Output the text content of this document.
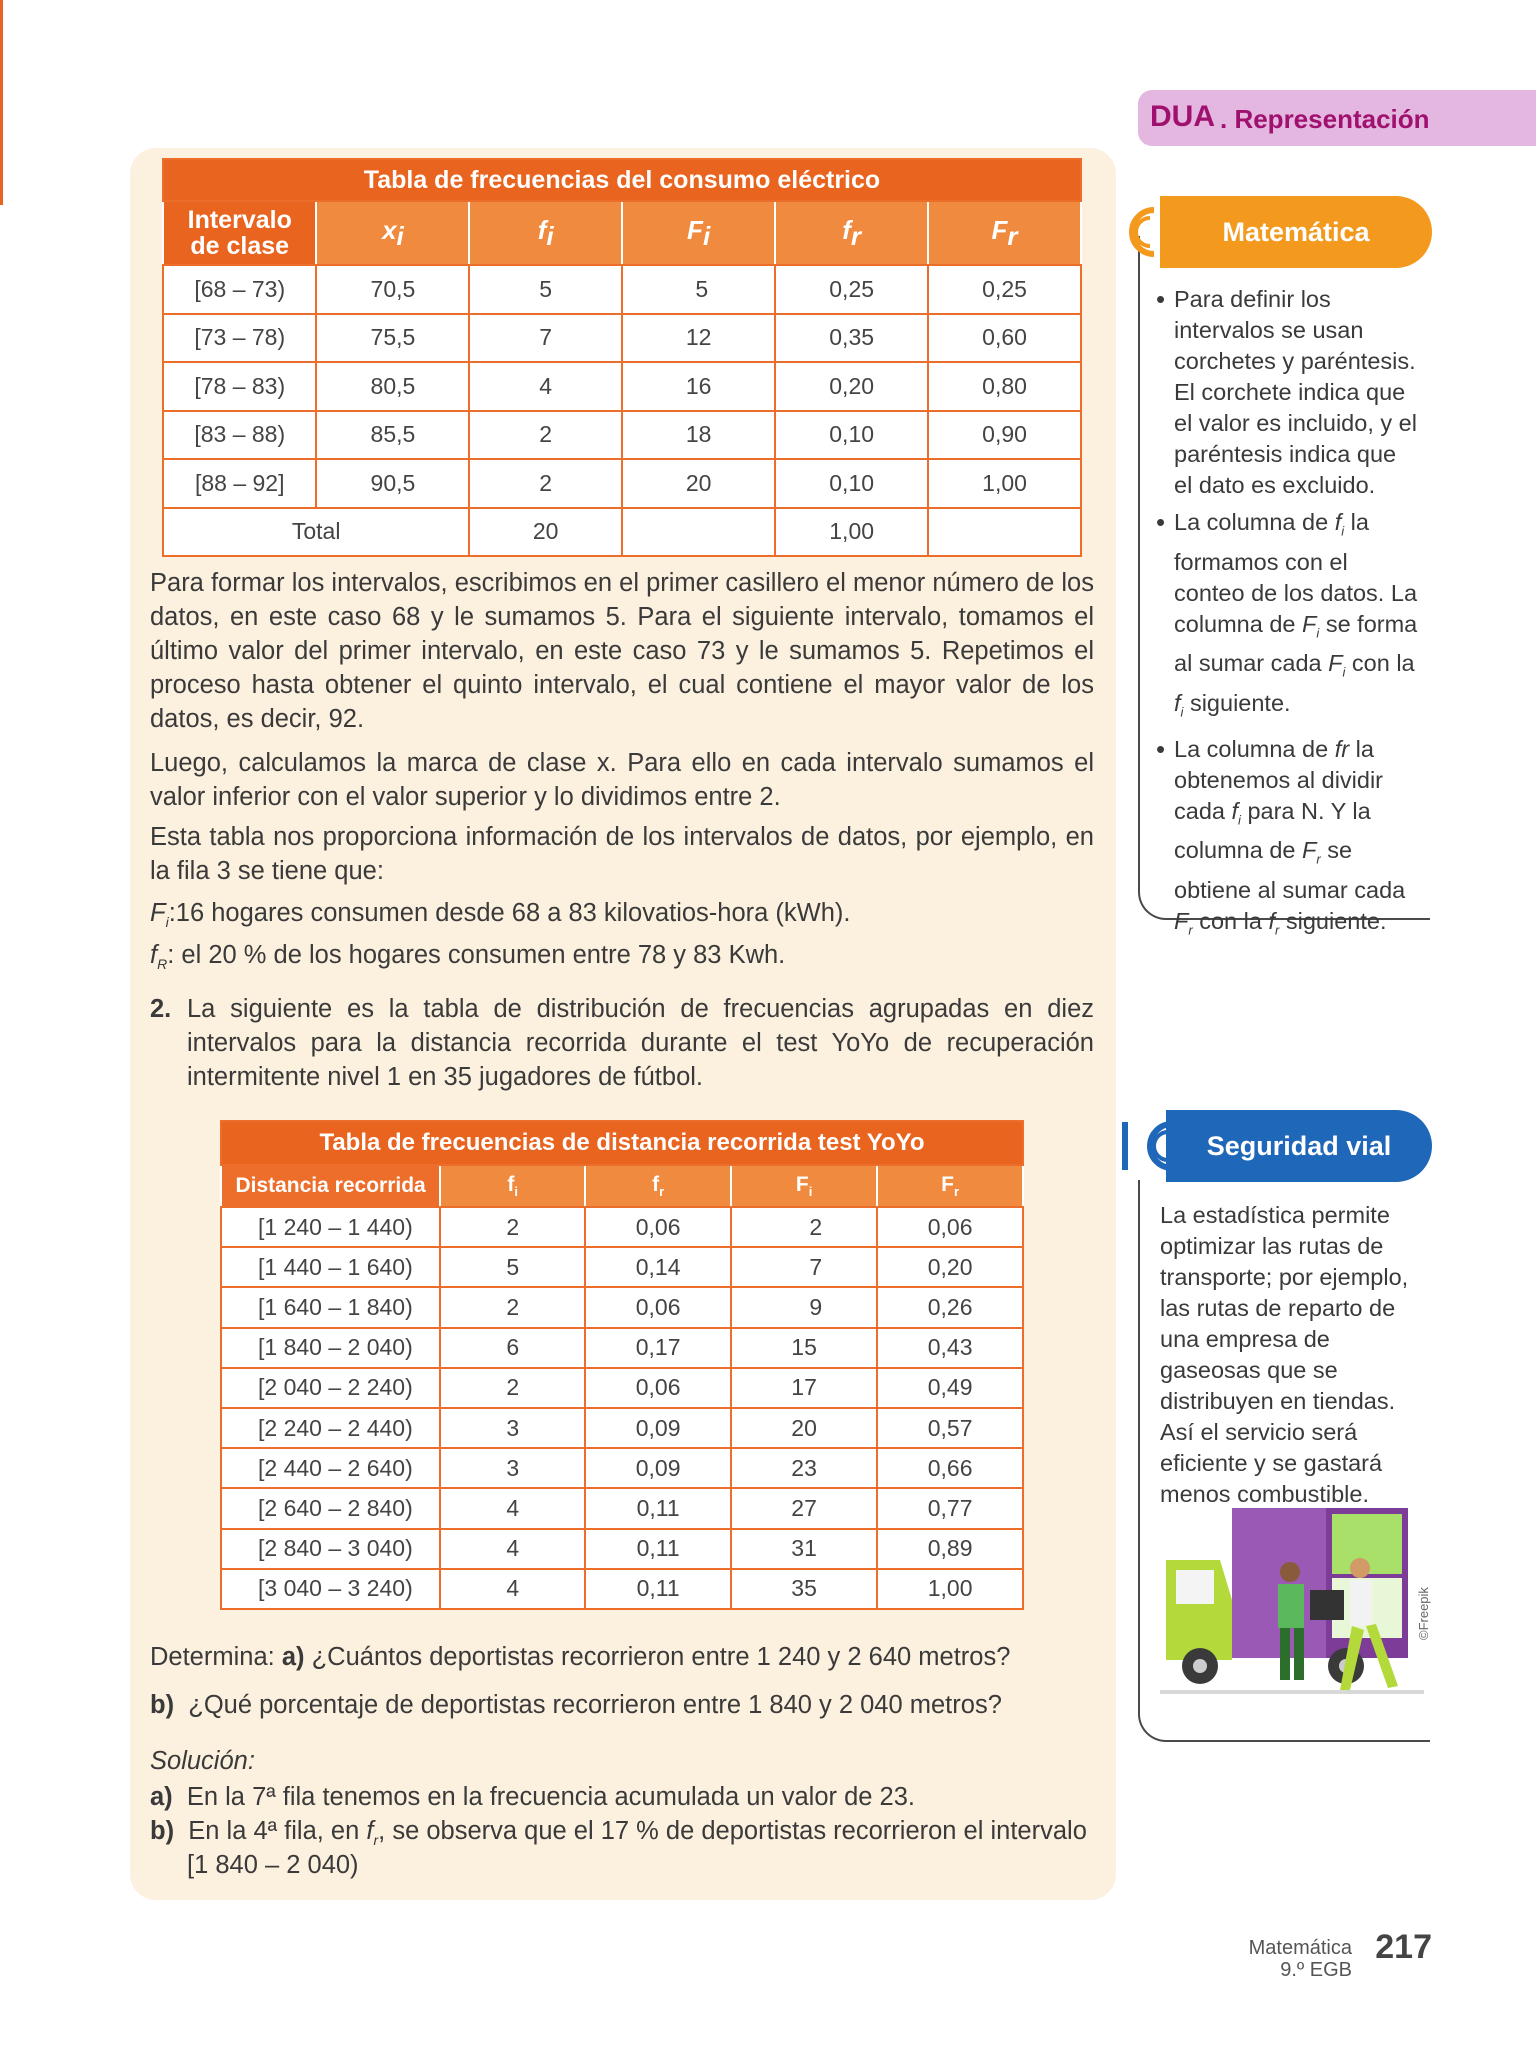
Tabla de frecuencias del consumo eléctrico					
Intervalo
de clase	$x_i$	$f_i$	$F_i$	$f_r$	$F_r$
[68 – 73)	70,5	5	5	0,25	0,25
[73 – 78)	75,5	7	12	0,35	0,60
[78 – 83)	80,5	4	16	0,20	0,80
[83 – 88)	85,5	2	18	0,10	0,90
[88 – 92]	90,5	2	20	0,10	1,00
Total		20		1,00	

Para formar los intervalos, escribimos en el primer casillero el menor número de los datos, en este caso 68 y le sumamos 5. Para el siguiente intervalo, tomamos el último valor del primer intervalo, en este caso 73 y le sumamos 5. Repetimos el proceso hasta obtener el quinto intervalo, el cual contiene el mayor valor de los datos, es decir, 92.

Luego, calculamos la marca de clase x. Para ello en cada intervalo sumamos el valor inferior con el valor superior y lo dividimos entre 2.

Esta tabla nos proporciona información de los intervalos de datos, por ejemplo, en la fila 3 se tiene que:

$F_i:16$ hogares consumen desde 68 a 83 kilovatios-hora (kWh).

$f_R$: el 20 % de los hogares consumen entre 78 y 83 Kwh.

2. La siguiente es la tabla de distribución de frecuencias agrupadas en diez intervalos para la distancia recorrida durante el test YoYo de recuperación intermitente nivel 1 en 35 jugadores de fútbol.

Tabla de frecuencias de distancia recorrida test YoYo				
Distancia recorrida	$f_i$	$f_r$	$F_i$	$F_r$
[1 240 – 1 440)	2	0,06	2	0,06
[1 440 – 1 640)	5	0,14	7	0,20
[1 640 – 1 840)	2	0,06	9	0,26
[1 840 – 2 040)	6	0,17	15	0,43
[2 040 – 2 240)	2	0,06	17	0,49
[2 240 – 2 440)	3	0,09	20	0,57
[2 440 – 2 640)	3	0,09	23	0,66
[2 640 – 2 840)	4	0,11	27	0,77
[2 840 – 3 040)	4	0,11	31	0,89
[3 040 – 3 240)	4	0,11	35	1,00

Determina: a) ¿Cuántos deportistas recorrieron entre 1 240 y 2 640 metros?

b) ¿Qué porcentaje de deportistas recorrieron entre 1 840 y 2 040 metros?

Solución:

a) En la 7ª fila tenemos en la frecuencia acumulada un valor de 23.

b) En la 4ª fila, en $f_r$, se observa que el 17 % de deportistas recorrieron el intervalo

[1 840 – 2 040)

DUA . Representación
Matemática
• Para definir los intervalos se usan corchetes y paréntesis. El corchete indica que el valor es incluido, y el paréntesis indica que el dato es excluido.
• La columna de $f_i$ la formamos con el conteo de los datos. La columna de $F_i$ se forma al sumar cada $F_i$ con la $f_i$ siguiente.
• La columna de fr la obtenemos al dividir cada $f_i$ para N. Y la columna de $F_r$ se obtiene al sumar cada $F_r$ con la $f_r$ siguiente.
Seguridad vial

La estadística permite optimizar las rutas de transporte; por ejemplo, las rutas de reparto de una empresa de gaseosas que se distribuyen en tiendas. Así el servicio será eficiente y se gastará menos combustible.

©Freepik
Matemática
9.º EGB
217
